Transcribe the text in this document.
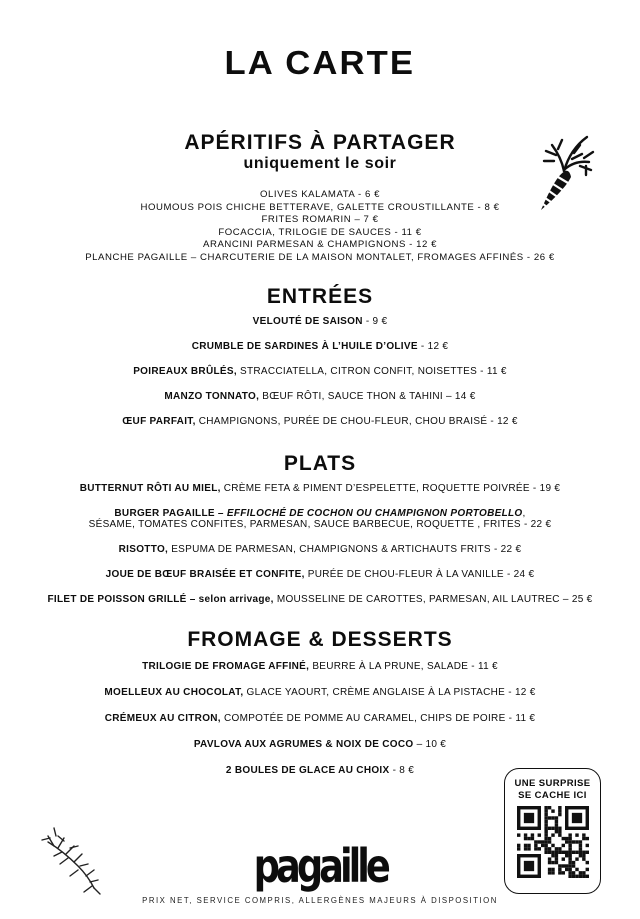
LA CARTE
APÉRITIFS À PARTAGER
uniquement le soir
OLIVES KALAMATA - 6 €
HOUMOUS POIS CHICHE BETTERAVE, GALETTE CROUSTILLANTE - 8 €
FRITES ROMARIN – 7 €
FOCACCIA, TRILOGIE DE SAUCES - 11 €
ARANCINI PARMESAN & CHAMPIGNONS - 12 €
PLANCHE PAGAILLE – CHARCUTERIE DE LA MAISON MONTALET, FROMAGES AFFINÉS - 26 €
ENTRÉES
VELOUTÉ DE SAISON - 9 €
CRUMBLE DE SARDINES À L’HUILE D’OLIVE - 12 €
POIREAUX BRÛLÉS, STRACCIATELLA, CITRON CONFIT, NOISETTES - 11 €
MANZO TONNATO, BŒUF RÔTI, SAUCE THON & TAHINI – 14 €
ŒUF PARFAIT, CHAMPIGNONS, PURÉE DE CHOU-FLEUR, CHOU BRAISÉ - 12 €
PLATS
BUTTERNUT RÔTI AU MIEL, CRÈME FETA & PIMENT D’ESPELETTE, ROQUETTE POIVRÉE - 19 €
BURGER PAGAILLE – EFFILOCHÉ DE COCHON OU CHAMPIGNON PORTOBELLO,
SÉSAME, TOMATES CONFITES, PARMESAN, SAUCE BARBECUE, ROQUETTE , FRITES - 22 €
RISOTTO, ESPUMA DE PARMESAN, CHAMPIGNONS & ARTICHAUTS FRITS - 22 €
JOUE DE BŒUF BRAISÉE ET CONFITE, PURÉE DE CHOU-FLEUR À LA VANILLE - 24 €
FILET DE POISSON GRILLÉ – selon arrivage, MOUSSELINE DE CAROTTES, PARMESAN, AIL LAUTREC – 25 €
FROMAGE & DESSERTS
TRILOGIE DE FROMAGE AFFINÉ, BEURRE À LA PRUNE, SALADE - 11 €
MOELLEUX AU CHOCOLAT, GLACE YAOURT, CRÈME ANGLAISE À LA PISTACHE - 12 €
CRÉMEUX AU CITRON, COMPOTÉE DE POMME AU CARAMEL, CHIPS DE POIRE - 11 €
PAVLOVA AUX AGRUMES & NOIX DE COCO – 10 €
2 BOULES DE GLACE AU CHOIX - 8 €
UNE SURPRISE
SE CACHE ICI
pagaille
PRIX NET, SERVICE COMPRIS, ALLERGÈNES MAJEURS À DISPOSITION
